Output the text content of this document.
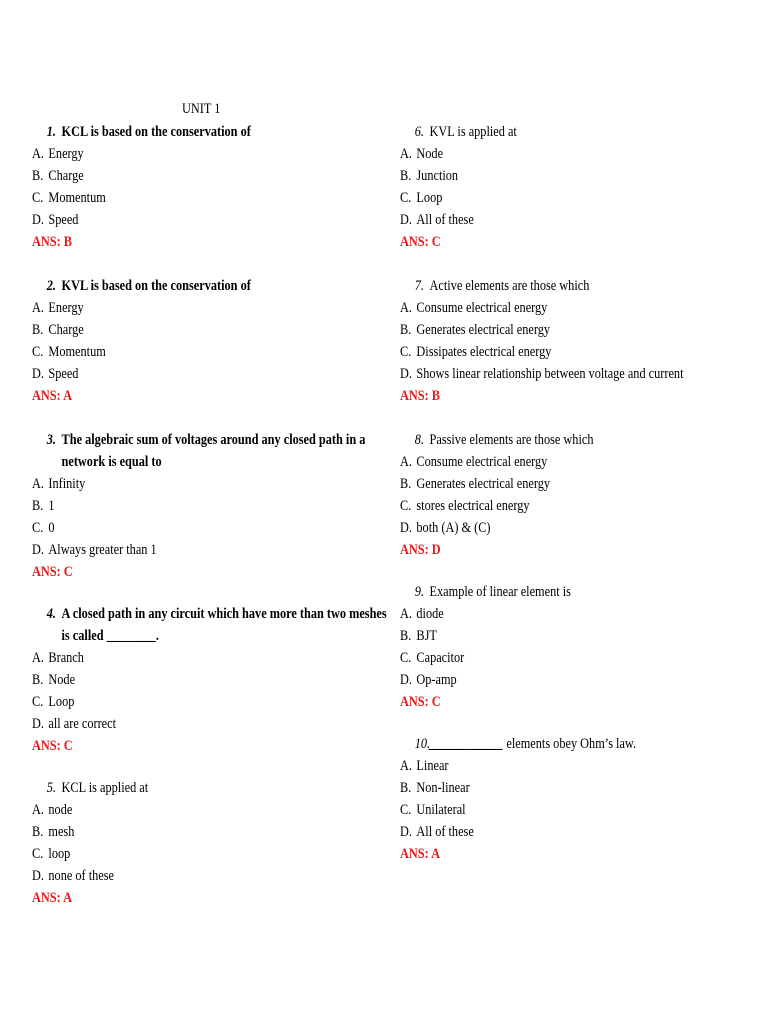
UNIT 1
1. KCL is based on the conservation of
A. Energy
B. Charge
C. Momentum
D. Speed
ANS: B
2. KVL is based on the conservation of
A. Energy
B. Charge
C. Momentum
D. Speed
ANS: A
3. The algebraic sum of voltages around any closed path in a
network is equal to
A. Infinity
B. 1
C. 0
D. Always greater than 1
ANS: C
4. A closed path in any circuit which have more than two meshes
is called ________.
A. Branch
B. Node
C. Loop
D. all are correct
ANS: C
5. KCL is applied at
A. node
B. mesh
C. loop
D. none of these
ANS: A
6. KVL is applied at
A. Node
B. Junction
C. Loop
D. All of these
ANS: C
7. Active elements are those which
A. Consume electrical energy
B. Generates electrical energy
C. Dissipates electrical energy
D. Shows linear relationship between voltage and current
ANS: B
8. Passive elements are those which
A. Consume electrical energy
B. Generates electrical energy
C. stores electrical energy
D. both (A) & (C)
ANS: D
9. Example of linear element is
A. diode
B. BJT
C. Capacitor
D. Op-amp
ANS: C
10.____________ elements obey Ohm’s law.
A. Linear
B. Non-linear
C. Unilateral
D. All of these
ANS: A
